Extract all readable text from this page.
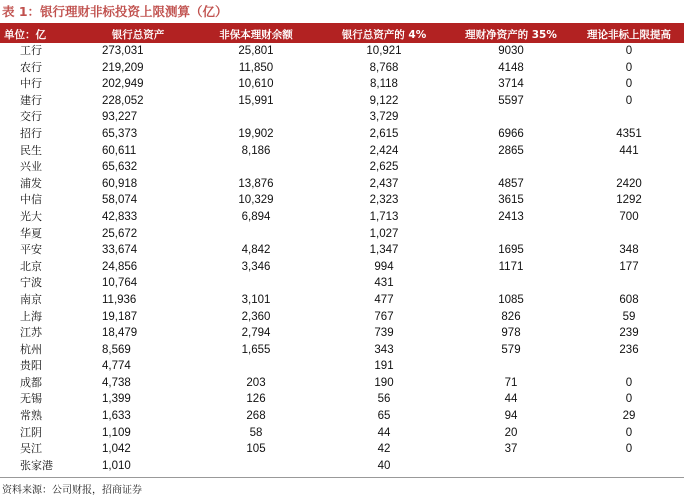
表 1：银行理财非标投资上限测算（亿）
单位：亿	银行总资产	非保本理财余额	银行总资产的 4%	理财净资产的 35%	理论非标上限提高
工行	273,031	25,801	10,921	9030	0
农行	219,209	11,850	8,768	4148	0
中行	202,949	10,610	8,118	3714	0
建行	228,052	15,991	9,122	5597	0
交行	93,227		3,729		
招行	65,373	19,902	2,615	6966	4351
民生	60,611	8,186	2,424	2865	441
兴业	65,632		2,625		
浦发	60,918	13,876	2,437	4857	2420
中信	58,074	10,329	2,323	3615	1292
光大	42,833	6,894	1,713	2413	700
华夏	25,672		1,027		
平安	33,674	4,842	1,347	1695	348
北京	24,856	3,346	994	1171	177
宁波	10,764		431		
南京	11,936	3,101	477	1085	608
上海	19,187	2,360	767	826	59
江苏	18,479	2,794	739	978	239
杭州	8,569	1,655	343	579	236
贵阳	4,774		191		
成都	4,738	203	190	71	0
无锡	1,399	126	56	44	0
常熟	1,633	268	65	94	29
江阴	1,109	58	44	20	0
吴江	1,042	105	42	37	0
张家港	1,010		40		
资料来源：公司财报，招商证券
